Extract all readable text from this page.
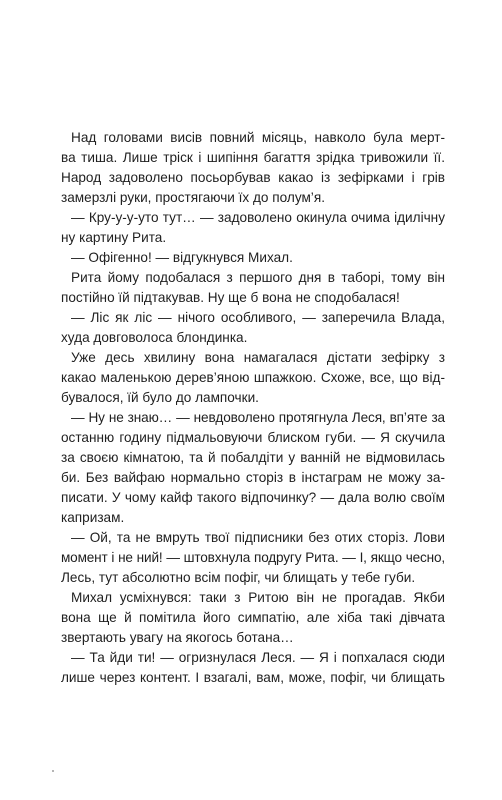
Над головами висів повний місяць, навколо була мерт-
ва тиша. Лише тріск і шипіння багаття зрідка тривожили її.
Народ задоволено посьорбував какао із зефірками і грів
замерзлі руки, простягаючи їх до полум’я.
— Кру-у-у-уто тут… — задоволено окинула очима ідилічну
ну картину Рита.
— Офігенно! — відгукнувся Михал.
Рита йому подобалася з першого дня в таборі, тому він
постійно їй підтакував. Ну ще б вона не сподобалася!
— Ліс як ліс — нічого особливого, — заперечила Влада,
худа довговолоса блондинка.
Уже десь хвилину вона намагалася дістати зефірку з
какао маленькою дерев’яною шпажкою. Схоже, все, що від-
бувалося, їй було до лампочки.
— Ну не знаю… — невдоволено протягнула Леся, вп’яте за
останню годину підмальовуючи блиском губи. — Я скучила
за своєю кімнатою, та й побалдіти у ванній не відмовилась
би. Без вайфаю нормально сторіз в інстаграм не можу за-
писати. У чому кайф такого відпочинку? — дала волю своїм
капризам.
— Ой, та не вмруть твої підписники без отих сторіз. Лови
момент і не ний! — штовхнула подругу Рита. — І, якщо чесно,
Лесь, тут абсолютно всім пофіг, чи блищать у тебе губи.
Михал усміхнувся: таки з Ритою він не прогадав. Якби
вона ще й помітила його симпатію, але хіба такі дівчата
звертають увагу на якогось ботана…
— Та йди ти! — огризнулася Леся. — Я і попхалася сюди
лише через контент. І взагалі, вам, може, пофіг, чи блищать
